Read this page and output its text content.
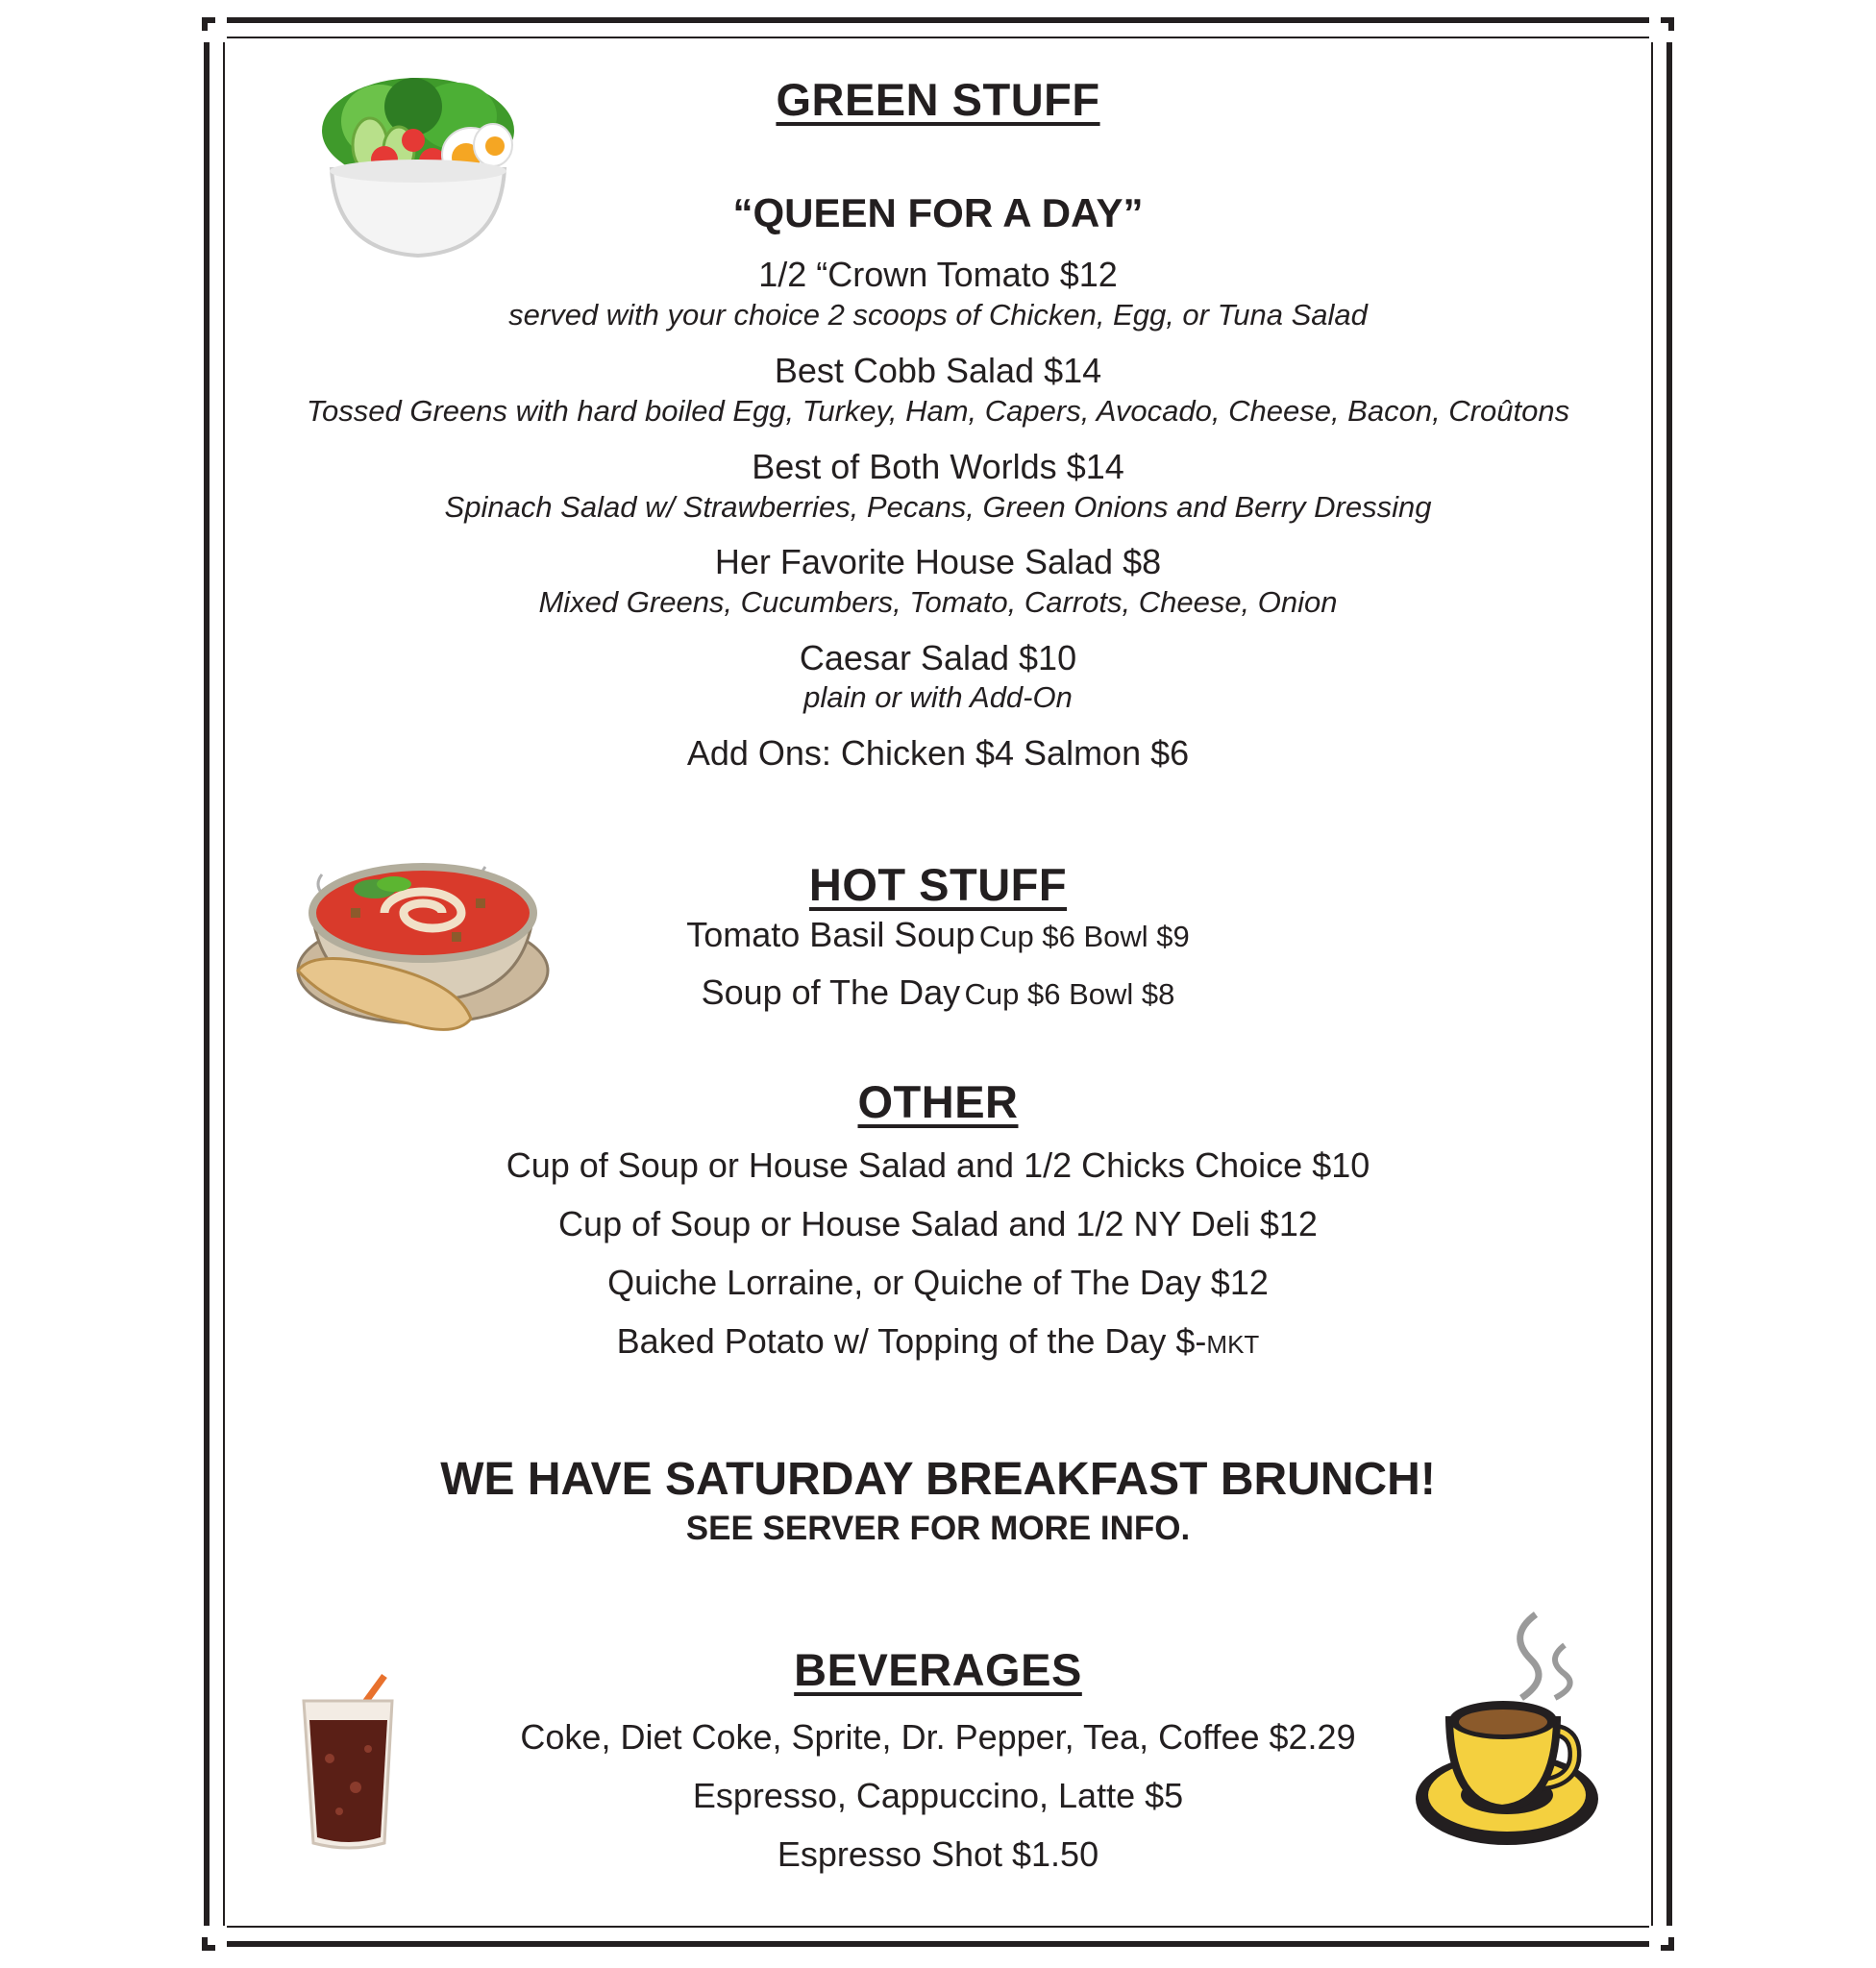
GREEN STUFF
“QUEEN FOR A DAY”
1/2 “Crown Tomato $12
served with your choice 2 scoops of Chicken, Egg, or Tuna Salad
Best Cobb Salad $14
Tossed Greens with hard boiled Egg, Turkey, Ham, Capers, Avocado, Cheese, Bacon, Croûtons
Best of Both Worlds $14
Spinach Salad w/ Strawberries, Pecans, Green Onions and Berry Dressing
Her Favorite House Salad $8
Mixed Greens, Cucumbers, Tomato, Carrots, Cheese, Onion
Caesar Salad $10
plain or with Add-On
Add Ons: Chicken $4 Salmon $6
HOT STUFF
Tomato Basil Soup Cup $6 Bowl $9
Soup of The Day Cup $6 Bowl $8
OTHER
Cup of Soup or House Salad and 1/2 Chicks Choice $10
Cup of Soup or House Salad and 1/2 NY Deli $12
Quiche Lorraine, or Quiche of The Day $12
Baked Potato w/ Topping of the Day $-MKT
WE HAVE SATURDAY BREAKFAST BRUNCH!
SEE SERVER FOR MORE INFO.
BEVERAGES
Coke, Diet Coke, Sprite, Dr. Pepper, Tea, Coffee $2.29
Espresso, Cappuccino, Latte $5
Espresso Shot $1.50
